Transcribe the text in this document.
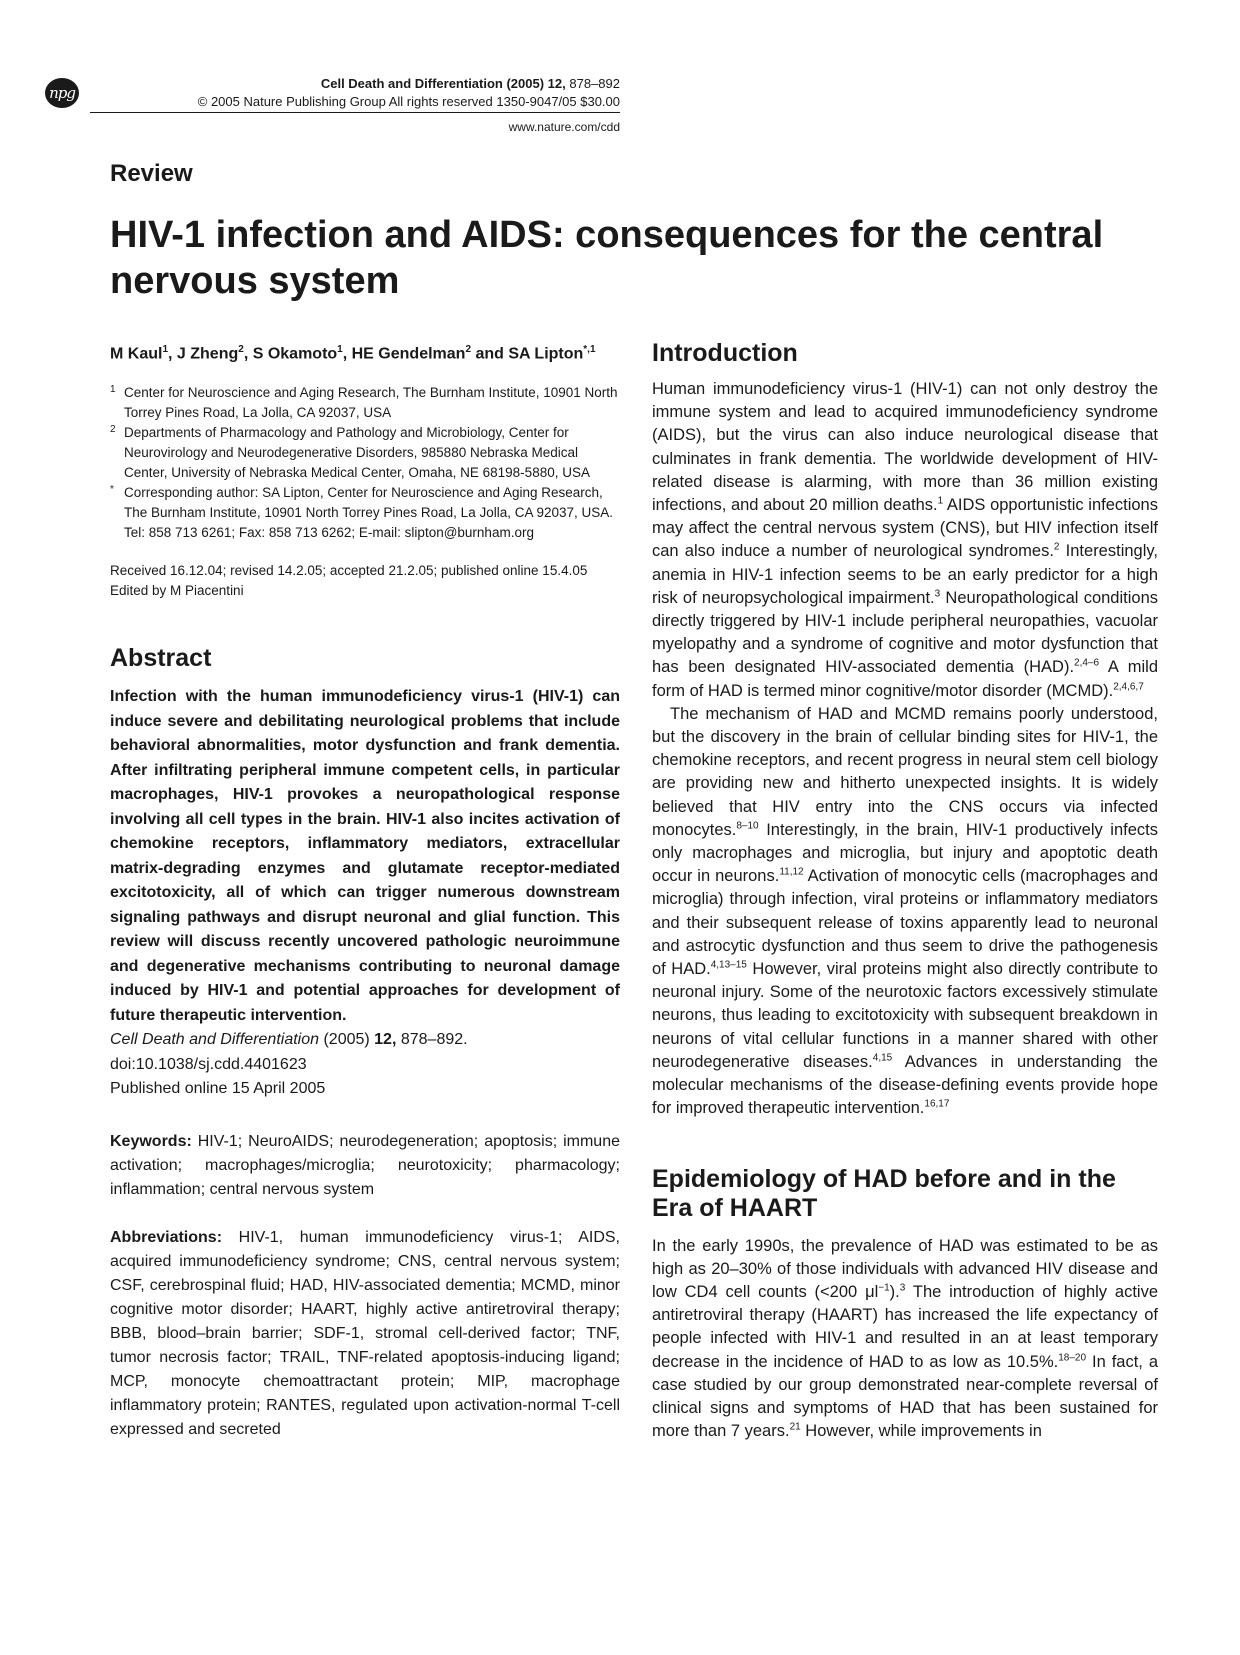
npg
Cell Death and Differentiation (2005) 12, 878–892
© 2005 Nature Publishing Group All rights reserved 1350-9047/05 $30.00
www.nature.com/cdd
Review
HIV-1 infection and AIDS: consequences for the central nervous system

M Kaul$^1$, J Zheng$^2$, S Okamoto$^1$, HE Gendelman$^2$ and SA Lipton$^{*,1}$

1 Center for Neuroscience and Aging Research, The Burnham Institute, 10901 North Torrey Pines Road, La Jolla, CA 92037, USA

2 Departments of Pharmacology and Pathology and Microbiology, Center for Neurovirology and Neurodegenerative Disorders, 985880 Nebraska Medical Center, University of Nebraska Medical Center, Omaha, NE 68198-5880, USA

* Corresponding author: SA Lipton, Center for Neuroscience and Aging Research, The Burnham Institute, 10901 North Torrey Pines Road, La Jolla, CA 92037, USA. Tel: 858 713 6261; Fax: 858 713 6262; E-mail: slipton@burnham.org

Received 16.12.04; revised 14.2.05; accepted 21.2.05; published online 15.4.05
Edited by M Piacentini
Abstract

Infection with the human immunodeficiency virus-1 (HIV-1) can induce severe and debilitating neurological problems that include behavioral abnormalities, motor dysfunction and frank dementia. After infiltrating peripheral immune competent cells, in particular macrophages, HIV-1 provokes a neuropathological response involving all cell types in the brain. HIV-1 also incites activation of chemokine receptors, inflammatory mediators, extracellular matrix-degrading enzymes and glutamate receptor-mediated excitotoxicity, all of which can trigger numerous downstream signaling pathways and disrupt neuronal and glial function. This review will discuss recently uncovered pathologic neuroimmune and degenerative mechanisms contributing to neuronal damage induced by HIV-1 and potential approaches for development of future therapeutic intervention.

Cell Death and Differentiation (2005) 12, 878–892.

doi:10.1038/sj.cdd.4401623

Published online 15 April 2005

Keywords: HIV-1; NeuroAIDS; neurodegeneration; apoptosis; immune activation; macrophages/microglia; neurotoxicity; pharmacology; inflammation; central nervous system

Abbreviations: HIV-1, human immunodeficiency virus-1; AIDS, acquired immunodeficiency syndrome; CNS, central nervous system; CSF, cerebrospinal fluid; HAD, HIV-associated dementia; MCMD, minor cognitive motor disorder; HAART, highly active antiretroviral therapy; BBB, blood–brain barrier; SDF-1, stromal cell-derived factor; TNF, tumor necrosis factor; TRAIL, TNF-related apoptosis-inducing ligand; MCP, monocyte chemoattractant protein; MIP, macrophage inflammatory protein; RANTES, regulated upon activation-normal T-cell expressed and secreted

Introduction

Human immunodeficiency virus-1 (HIV-1) can not only destroy the immune system and lead to acquired immunodeficiency syndrome (AIDS), but the virus can also induce neurological disease that culminates in frank dementia. The worldwide development of HIV-related disease is alarming, with more than 36 million existing infections, and about 20 million deaths.$^1$ AIDS opportunistic infections may affect the central nervous system (CNS), but HIV infection itself can also induce a number of neurological syndromes.$^2$ Interestingly, anemia in HIV-1 infection seems to be an early predictor for a high risk of neuropsychological impairment.$^3$ Neuropathological conditions directly triggered by HIV-1 include peripheral neuropathies, vacuolar myelopathy and a syndrome of cognitive and motor dysfunction that has been designated HIV-associated dementia (HAD).$^{2,4-6}$ A mild form of HAD is termed minor cognitive/motor disorder (MCMD).$^{2,4,6,7}$

The mechanism of HAD and MCMD remains poorly understood, but the discovery in the brain of cellular binding sites for HIV-1, the chemokine receptors, and recent progress in neural stem cell biology are providing new and hitherto unexpected insights. It is widely believed that HIV entry into the CNS occurs via infected monocytes.$^{8-10}$ Interestingly, in the brain, HIV-1 productively infects only macrophages and microglia, but injury and apoptotic death occur in neurons.$^{11,12}$ Activation of monocytic cells (macrophages and microglia) through infection, viral proteins or inflammatory mediators and their subsequent release of toxins apparently lead to neuronal and astrocytic dysfunction and thus seem to drive the pathogenesis of HAD.$^{4,13-15}$ However, viral proteins might also directly contribute to neuronal injury. Some of the neurotoxic factors excessively stimulate neurons, thus leading to excitotoxicity with subsequent breakdown in neurons of vital cellular functions in a manner shared with other neurodegenerative diseases.$^{4,15}$ Advances in understanding the molecular mechanisms of the disease-defining events provide hope for improved therapeutic intervention.$^{16,17}$

Epidemiology of HAD before and in the Era of HAART

In the early 1990s, the prevalence of HAD was estimated to be as high as 20–30% of those individuals with advanced HIV disease and low CD4 cell counts (<200 $\mu l^{-1}).^3$ The introduction of highly active antiretroviral therapy (HAART) has increased the life expectancy of people infected with HIV-1 and resulted in an at least temporary decrease in the incidence of HAD to as low as 10.5%.$^{18-20}$ In fact, a case studied by our group demonstrated near-complete reversal of clinical signs and symptoms of HAD that has been sustained for more than 7 years.$^{21}$ However, while improvements in
